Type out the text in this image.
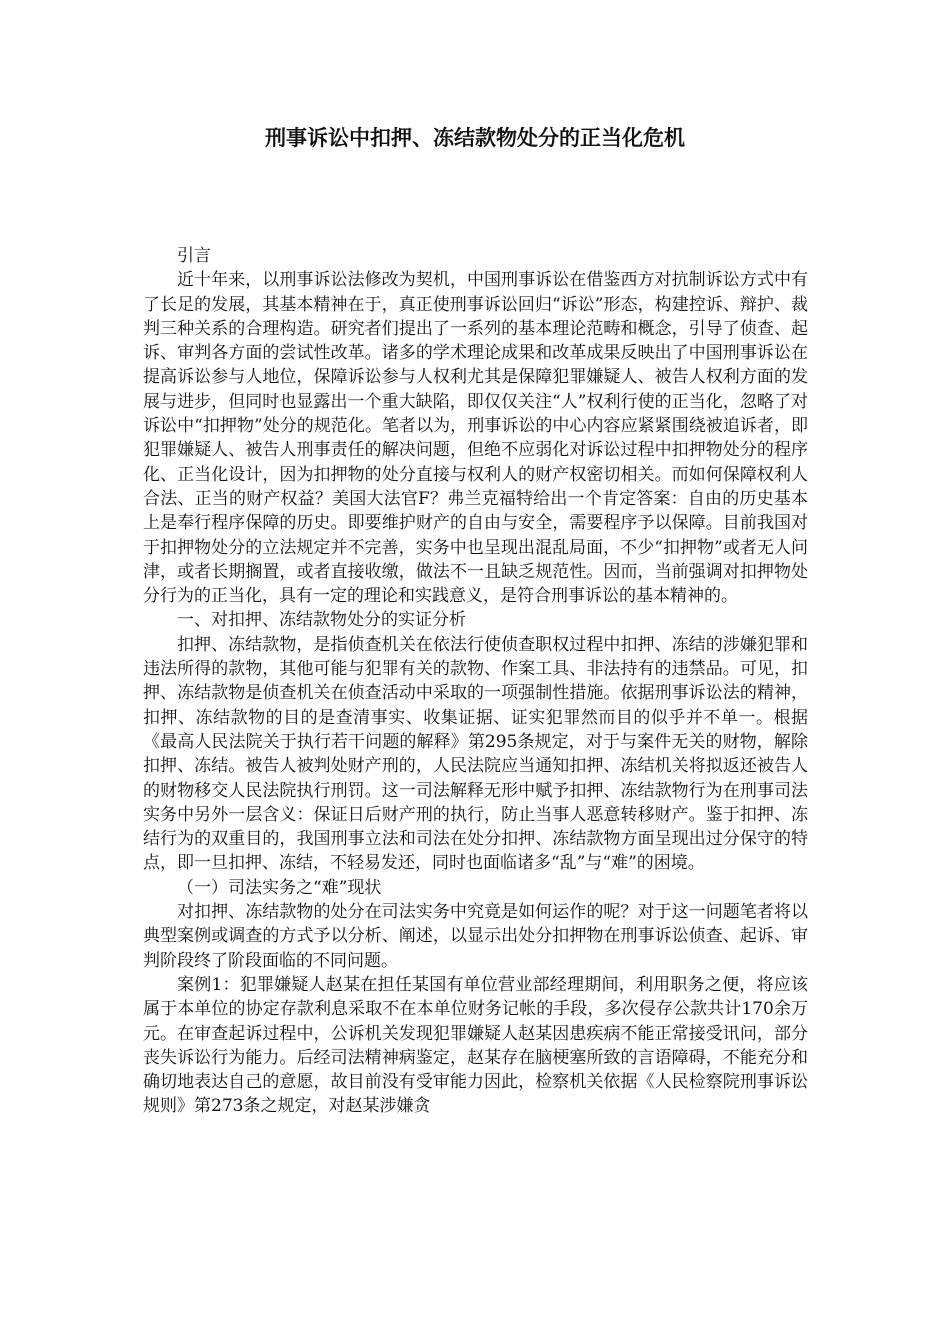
刑事诉讼中扣押、冻结款物处分的正当化危机

引言

近十年来，以刑事诉讼法修改为契机，中国刑事诉讼在借鉴西方对抗制诉讼方式中有了长足的发展，其基本精神在于，真正使刑事诉讼回归“诉讼”形态，构建控诉、辩护、裁判三种关系的合理构造。研究者们提出了一系列的基本理论范畴和概念，引导了侦查、起诉、审判各方面的尝试性改革。诸多的学术理论成果和改革成果反映出了中国刑事诉讼在提高诉讼参与人地位，保障诉讼参与人权利尤其是保障犯罪嫌疑人、被告人权利方面的发展与进步，但同时也显露出一个重大缺陷，即仅仅关注“人”权利行使的正当化，忽略了对诉讼中“扣押物”处分的规范化。笔者以为，刑事诉讼的中心内容应紧紧围绕被追诉者，即犯罪嫌疑人、被告人刑事责任的解决问题，但绝不应弱化对诉讼过程中扣押物处分的程序化、正当化设计，因为扣押物的处分直接与权利人的财产权密切相关。而如何保障权利人合法、正当的财产权益？美国大法官F？弗兰克福特给出一个肯定答案：自由的历史基本上是奉行程序保障的历史。即要维护财产的自由与安全，需要程序予以保障。目前我国对于扣押物处分的立法规定并不完善，实务中也呈现出混乱局面，不少“扣押物”或者无人问津，或者长期搁置，或者直接收缴，做法不一且缺乏规范性。因而，当前强调对扣押物处分行为的正当化，具有一定的理论和实践意义，是符合刑事诉讼的基本精神的。

一、对扣押、冻结款物处分的实证分析

扣押、冻结款物，是指侦查机关在依法行使侦查职权过程中扣押、冻结的涉嫌犯罪和违法所得的款物，其他可能与犯罪有关的款物、作案工具、非法持有的违禁品。可见，扣押、冻结款物是侦查机关在侦查活动中采取的一项强制性措施。依据刑事诉讼法的精神，扣押、冻结款物的目的是查清事实、收集证据、证实犯罪然而目的似乎并不单一。根据《最高人民法院关于执行若干问题的解释》第295条规定，对于与案件无关的财物，解除扣押、冻结。被告人被判处财产刑的，人民法院应当通知扣押、冻结机关将拟返还被告人的财物移交人民法院执行刑罚。这一司法解释无形中赋予扣押、冻结款物行为在刑事司法实务中另外一层含义：保证日后财产刑的执行，防止当事人恶意转移财产。鉴于扣押、冻结行为的双重目的，我国刑事立法和司法在处分扣押、冻结款物方面呈现出过分保守的特点，即一旦扣押、冻结，不轻易发还，同时也面临诸多“乱”与“难”的困境。

（一）司法实务之“难”现状

对扣押、冻结款物的处分在司法实务中究竟是如何运作的呢？对于这一问题笔者将以典型案例或调查的方式予以分析、阐述，以显示出处分扣押物在刑事诉讼侦查、起诉、审判阶段终了阶段面临的不同问题。

案例1：犯罪嫌疑人赵某在担任某国有单位营业部经理期间，利用职务之便，将应该属于本单位的协定存款利息采取不在本单位财务记帐的手段，多次侵存公款共计170余万元。在审查起诉过程中，公诉机关发现犯罪嫌疑人赵某因患疾病不能正常接受讯问，部分丧失诉讼行为能力。后经司法精神病鉴定，赵某存在脑梗塞所致的言语障碍，不能充分和确切地表达自己的意愿，故目前没有受审能力因此，检察机关依据《人民检察院刑事诉讼规则》第273条之规定，对赵某涉嫌贪
